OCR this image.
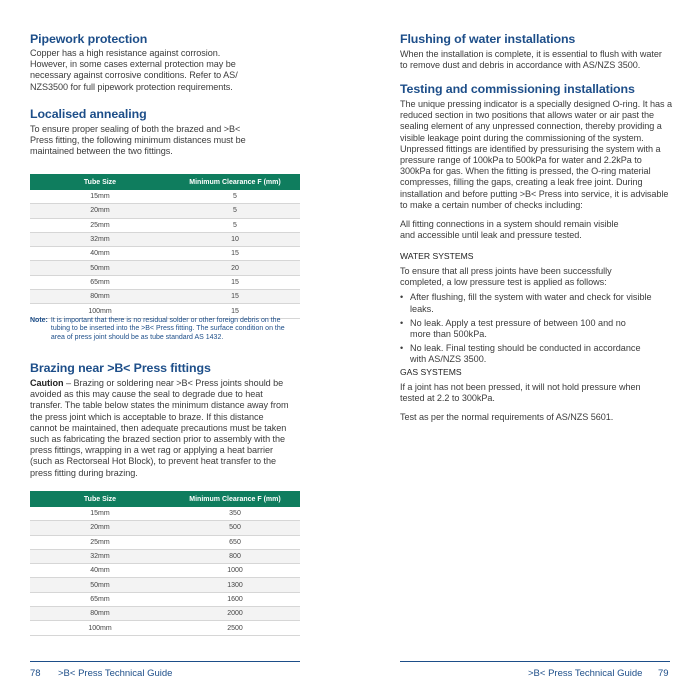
Pipework protection

Copper has a high resistance against corrosion. However, in some cases external protection may be necessary against corrosive conditions. Refer to AS/ NZS3500 for full pipework protection requirements.

Localised annealing

To ensure proper sealing of both the brazed and >B< Press fitting, the following minimum distances must be maintained between the two fittings.

Tube Size	Minimum Clearance F (mm)
15mm	5
20mm	5
25mm	5
32mm	10
40mm	15
50mm	20
65mm	15
80mm	15
100mm	15
Note: It is important that there is no residual solder or other foreign debris on the tubing to be inserted into the >B< Press fitting. The surface condition on the area of press joint should be as tube standard AS 1432.
Brazing near >B< Press fittings

Caution – Brazing or soldering near >B< Press joints should be avoided as this may cause the seal to degrade due to heat transfer. The table below states the minimum distance away from the press joint which is acceptable to braze. If this distance cannot be maintained, then adequate precautions must be taken such as fabricating the brazed section prior to assembly with the press fittings, wrapping in a wet rag or applying a heat barrier (such as Rectorseal Hot Block), to prevent heat transfer to the press fitting during brazing.

Tube Size	Minimum Clearance F (mm)
15mm	350
20mm	500
25mm	650
32mm	800
40mm	1000
50mm	1300
65mm	1600
80mm	2000
100mm	2500
Flushing of water installations

When the installation is complete, it is essential to flush with water to remove dust and debris in accordance with AS/NZS 3500.

Testing and commissioning installations

The unique pressing indicator is a specially designed O-ring. It has a reduced section in two positions that allows water or air past the sealing element of any unpressed connection, thereby providing a visible leakage point during the commissioning of the system. Unpressed fittings are identified by pressurising the system with a pressure range of 100kPa to 500kPa for water and 2.2kPa to 300kPa for gas. When the fitting is pressed, the O-ring material compresses, filling the gaps, creating a leak free joint. During installation and before putting >B< Press into service, it is advisable to make a certain number of checks including:

All fitting connections in a system should remain visible and accessible until leak and pressure tested.

WATER SYSTEMS

To ensure that all press joints have been successfully completed, a low pressure test is applied as follows:

• After flushing, fill the system with water and check for visible leaks.
• No leak. Apply a test pressure of between 100 and no more than 500kPa.
• No leak. Final testing should be conducted in accordance with AS/NZS 3500.
GAS SYSTEMS

If a joint has not been pressed, it will not hold pressure when tested at 2.2 to 300kPa.

Test as per the normal requirements of AS/NZS 5601.

78 >B< Press Technical Guide	>B< Press Technical Guide 79
